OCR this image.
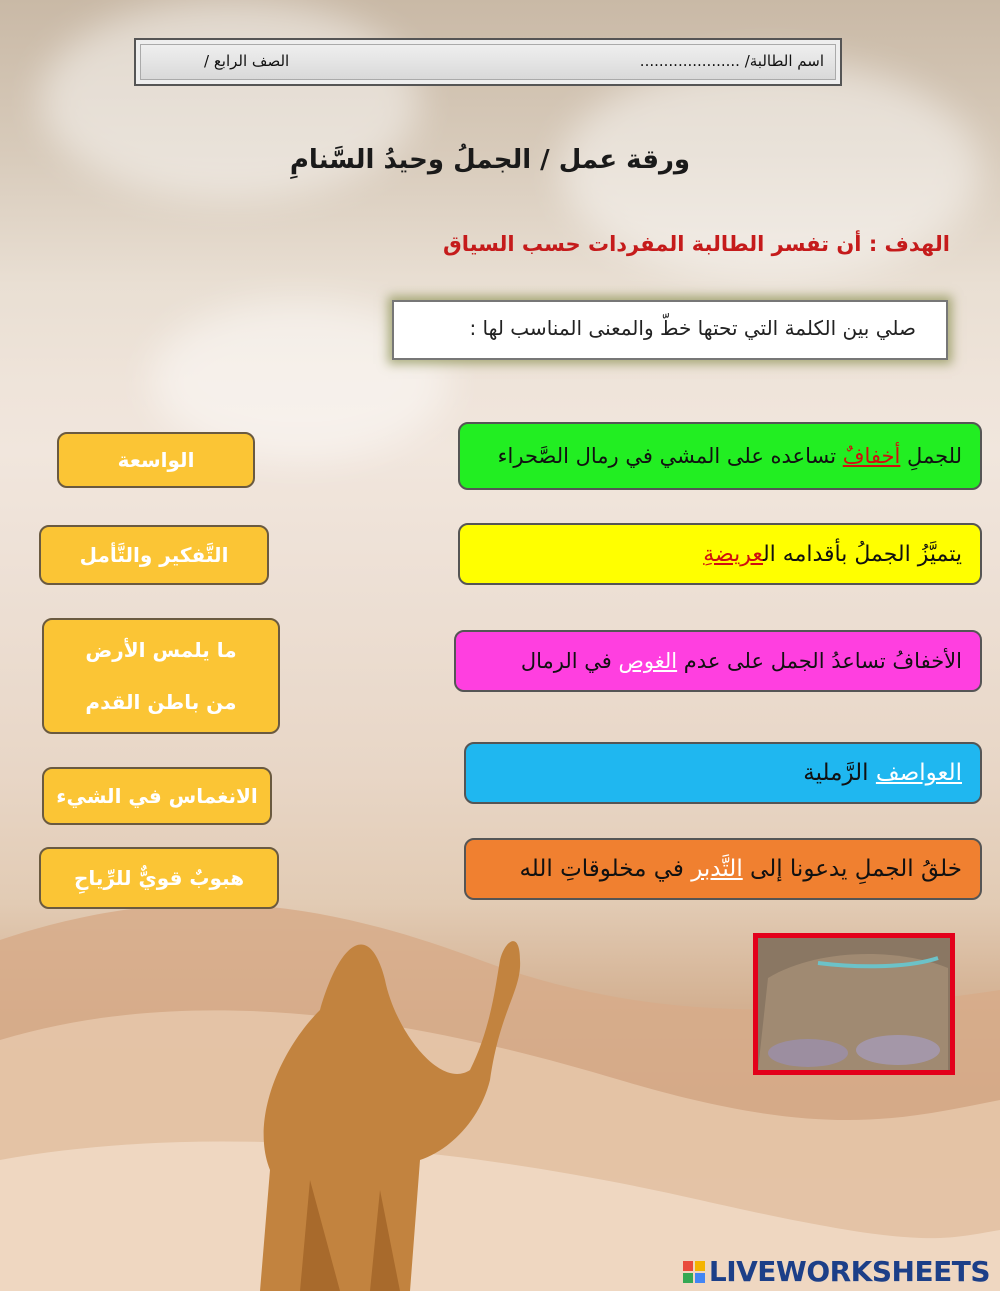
اسم الطالبة/ .....................
الصف الرابع /
ورقة عمل / الجملُ وحيدُ السَّنامِ
الهدف : أن تفسر الطالبة المفردات حسب السياق
صلي بين الكلمة التي تحتها خطّ والمعنى المناسب لها :
للجملِ أخفافٌ تساعده على المشي في رمال الصَّحراء
يتميَّزُ الجملُ بأقدامه العريضةِ
الأخفافُ تساعدُ الجمل على عدم الغوص في الرمال
العواصف الرَّملية
خلقُ الجملِ يدعونا إلى التَّدبر في مخلوقاتِ الله
الواسعة
التَّفكير والتَّأمل
ما يلمس الأرض من باطن القدم
الانغماس في الشيء
هبوبٌ قويٌّ للرِّياحِ
LIVEWORKSHEETS
